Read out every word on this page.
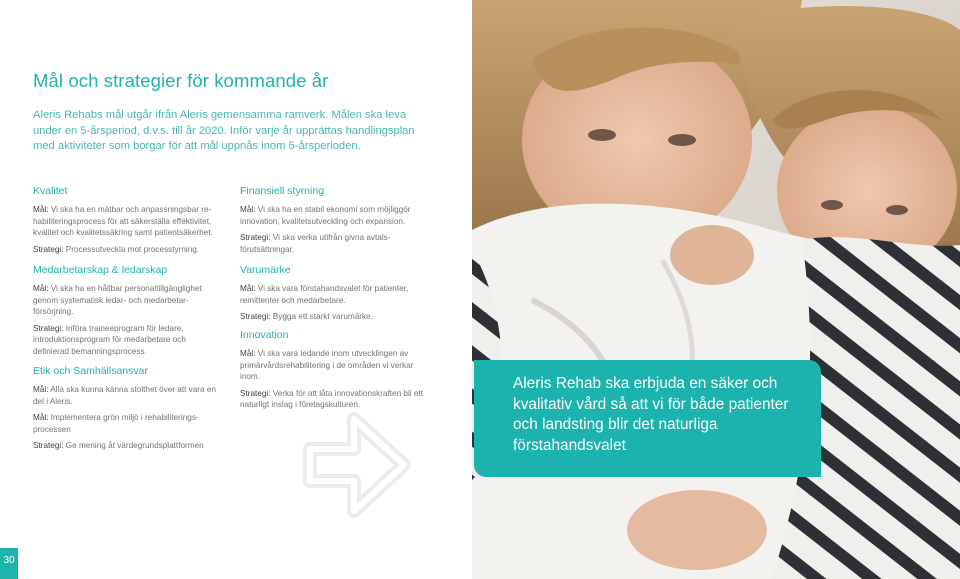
Mål och strategier för kommande år

Aleris Rehabs mål utgår ifrån Aleris gemensamma ramverk. Målen ska leva under en 5-årsperiod, d.v.s. till år 2020. Inför varje år upprättas handlingsplan med aktiviteter som borgar för att mål uppnås inom 5-årsperioden.

Kvalitet

Mål: Vi ska ha en mätbar och anpassningsbar rehabiliteringsprocess för att säkerställa effektivitet, kvalitet och kvalitetssäkring samt patientsäkerhet.

Strategi: Processutveckla mot processtyrning.

Medarbetarskap & ledarskap

Mål: Vi ska ha en hållbar personaltillgänglighet genom systematisk ledar- och medarbetarförsörjning.

Strategi: Införa traineeprogram för ledare, introduktionsprogram för medarbetare och definierad bemanningsprocess.

Etik och Samhällsansvar

Mål: Alla ska kunna känna stolthet över att vara en del i Aleris.

Mål: Implementera grön miljö i rehabiliteringsprocessen

Strategi: Ge mening åt värdegrundsplattformen

Finansiell styrning

Mål: Vi ska ha en stabil ekonomi som möjliggör innovation, kvalitetsutveckling och expansion.

Strategi: Vi ska verka utifrån givna avtalsförutsättningar.

Varumärke

Mål: Vi ska vara förstahandsvalet för patienter, remittenter och medarbetare.

Strategi: Bygga ett starkt varumärke.

Innovation

Mål: Vi ska vara ledande inom utvecklingen av primärvårdsrehabilitering i de områden vi verkar inom.

Strategi: Verka för att låta innovationskraften bli ett naturligt inslag i företagskulturen.

Aleris Rehab ska erbjuda en säker och kvalitativ vård så att vi för både patienter och landsting blir det naturliga förstahandsvalet

30
